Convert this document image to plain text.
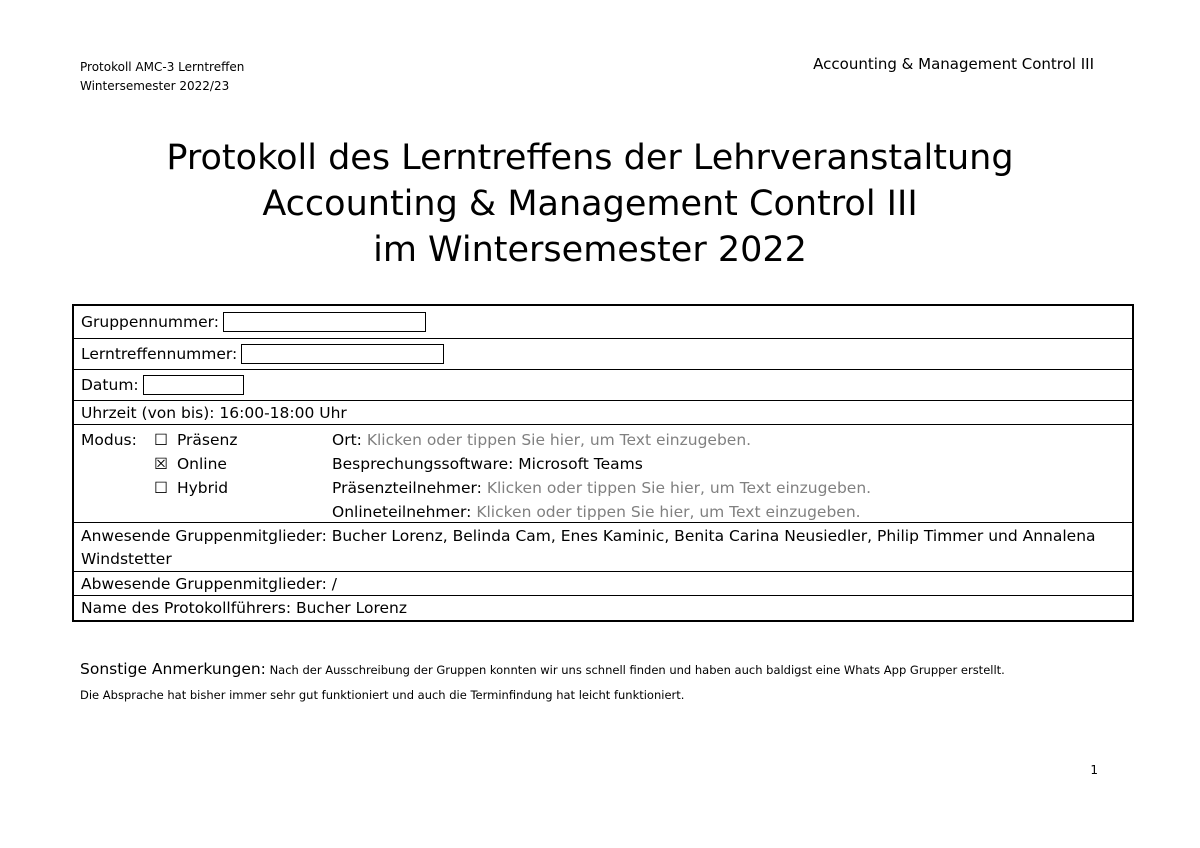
Protokoll AMC-3 Lerntreffen
Wintersemester 2022/23
Accounting & Management Control III
Protokoll des Lerntreffens der Lehrveranstaltung
Accounting & Management Control III
im Wintersemester 2022
Gruppennummer:
Lerntreffennummer:
Datum:
Uhrzeit (von bis): 16:00-18:00 Uhr
Modus:	☐ Präsenz	Ort: Klicken oder tippen Sie hier, um Text einzugeben.
☒ Online	Besprechungssoftware: Microsoft Teams
☐ Hybrid	Präsenzteilnehmer: Klicken oder tippen Sie hier, um Text einzugeben.
Onlineteilnehmer: Klicken oder tippen Sie hier, um Text einzugeben.
Anwesende Gruppenmitglieder: Bucher Lorenz, Belinda Cam, Enes Kaminic, Benita Carina Neusiedler, Philip Timmer und Annalena Windstetter
Abwesende Gruppenmitglieder: /
Name des Protokollführers: Bucher Lorenz
Sonstige Anmerkungen: Nach der Ausschreibung der Gruppen konnten wir uns schnell finden und haben auch baldigst eine Whats App Grupper erstellt.
Die Absprache hat bisher immer sehr gut funktioniert und auch die Terminfindung hat leicht funktioniert.
1
